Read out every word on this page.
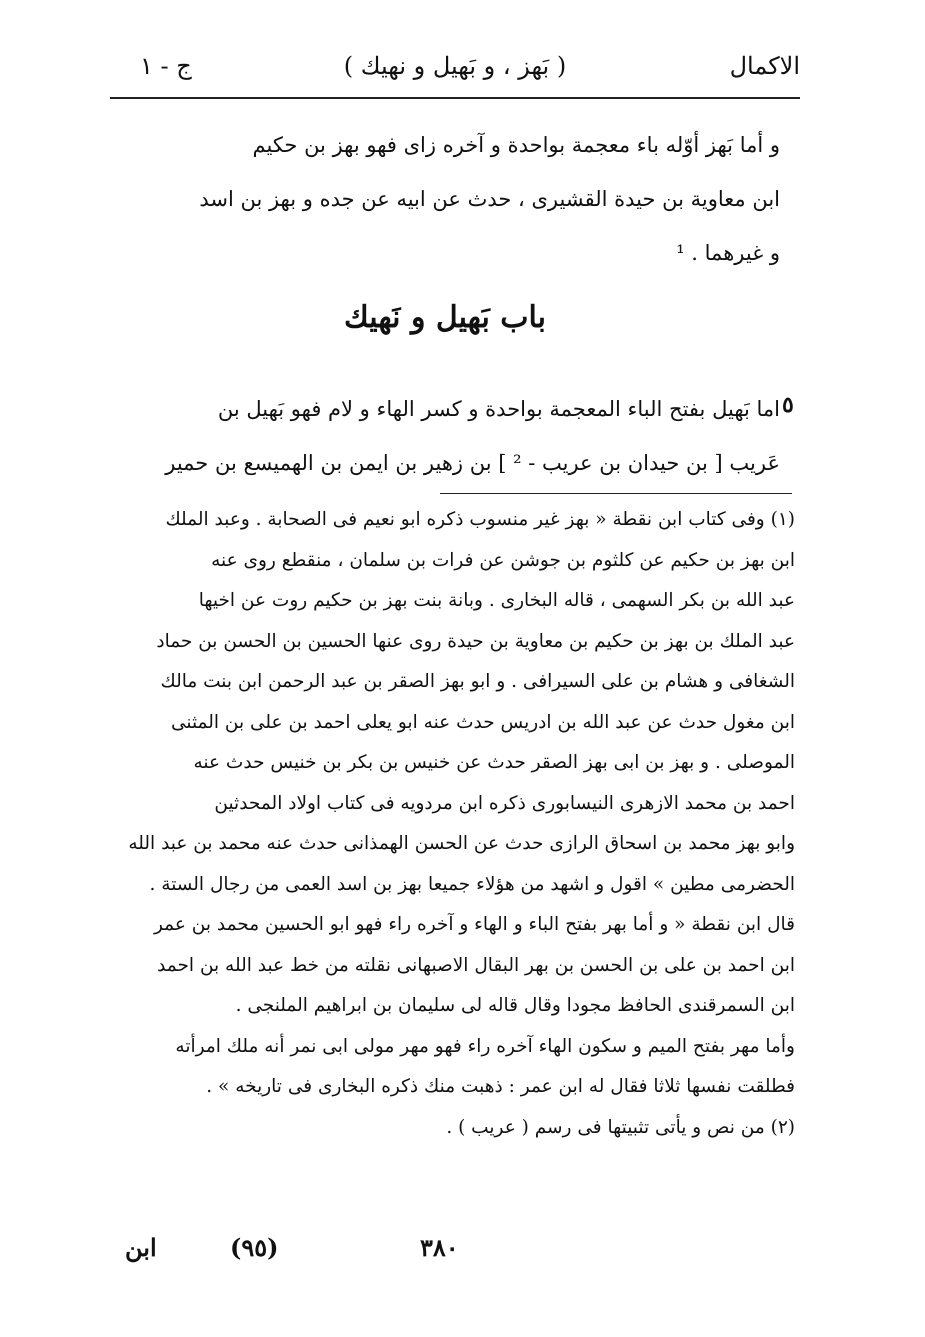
الاكمال
( بَهز ، و بَهيل و نهيك )
ج - ١

و أما بَهز أوّله باء معجمة بواحدة و آخره زاى فهو بهز بن حكيم

ابن معاوية بن حيدة القشيرى ، حدث عن ابيه عن جده و بهز بن اسد

و غيرهما . ¹

باب بَهيل و نَهيك
٥

اما بَهيل بفتح الباء المعجمة بواحدة و كسر الهاء و لام فهو بَهيل بن

عَريب [ بن حيدان بن عريب - ² ] بن زهير بن ايمن بن الهميسع بن حمير

(١) وفى كتاب ابن نقطة « بهز غير منسوب ذكره ابو نعيم فى الصحابة . وعبد الملك

ابن بهز بن حكيم عن كلثوم بن جوشن عن فرات بن سلمان ، منقطع روى عنه

عبد الله بن بكر السهمى ، قاله البخارى . وبانة بنت بهز بن حكيم روت عن اخيها

عبد الملك بن بهز بن حكيم بن معاوية بن حيدة روى عنها الحسين بن الحسن بن حماد

الشغافى و هشام بن على السيرافى . و ابو بهز الصقر بن عبد الرحمن ابن بنت مالك

ابن مغول حدث عن عبد الله بن ادريس حدث عنه ابو يعلى احمد بن على بن المثنى

الموصلى . و بهز بن ابى بهز الصقر حدث عن خنيس بن بكر بن خنيس حدث عنه

احمد بن محمد الازهرى النيسابورى ذكره ابن مردويه فى كتاب اولاد المحدثين

وابو بهز محمد بن اسحاق الرازى حدث عن الحسن الهمذانى حدث عنه محمد بن عبد الله

الحضرمى مطين » اقول و اشهد من هؤلاء جميعا بهز بن اسد العمى من رجال الستة .

قال ابن نقطة « و أما بهر بفتح الباء و الهاء و آخره راء فهو ابو الحسين محمد بن عمر

ابن احمد بن على بن الحسن بن بهر البقال الاصبهانى نقلته من خط عبد الله بن احمد

ابن السمرقندى الحافظ مجودا وقال قاله لى سليمان بن ابراهيم الملنجى .

وأما مهر بفتح الميم و سكون الهاء آخره راء فهو مهر مولى ابى نمر أنه ملك امرأته

فطلقت نفسها ثلاثا فقال له ابن عمر : ذهبت منك ذكره البخارى فى تاريخه » .

(٢) من نص و يأتى تثبيتها فى رسم ( عريب ) .

ابن	(٩٥)	٣٨٠
